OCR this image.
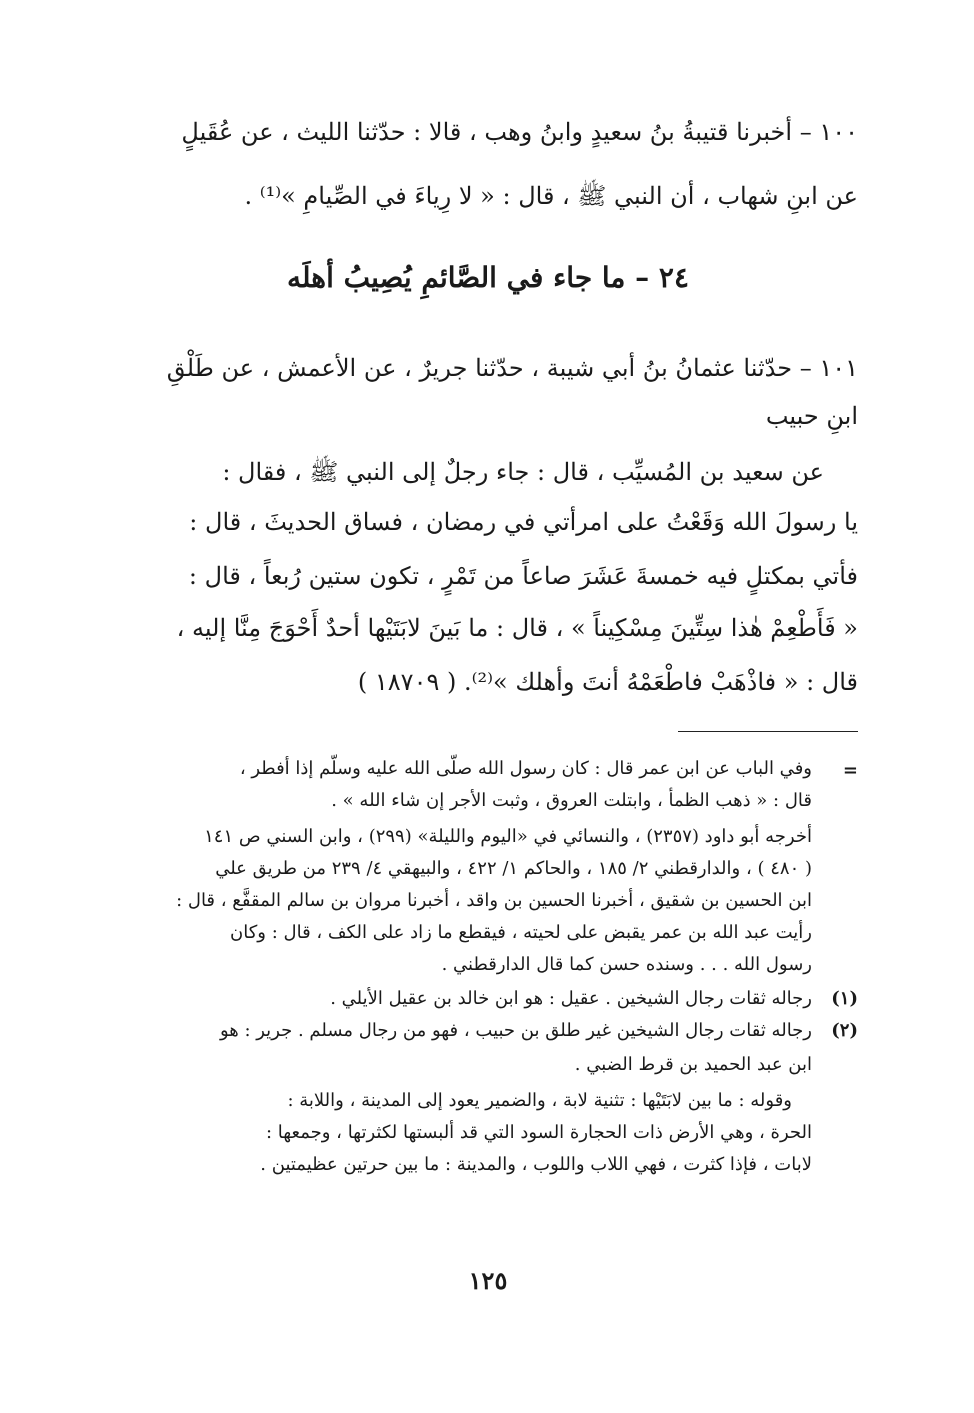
١٠٠ – أخبرنا قتيبةُ بنُ سعيدٍ وابنُ وهب ، قالا : حدّثنا الليث ، عن عُقَيلٍ
عن ابنِ شهاب ، أن النبي ﷺ ، قال : « لا رِياءَ في الصِّيامِ »⁽¹⁾ .
٢٤ – ما جاء في الصَّائمِ يُصِيبُ أهلَه
١٠١ – حدّثنا عثمانُ بنُ أبي شيبة ، حدّثنا جريرٌ ، عن الأعمش ، عن طَلْقِ
ابنِ حبيب
عن سعيد بن المُسيِّب ، قال : جاء رجلٌ إلى النبي ﷺ ، فقال :
يا رسولَ الله وَقَعْتُ على امرأتي في رمضان ، فساق الحديثَ ، قال :
فأتي بمكتلٍ فيه خمسةَ عَشَرَ صاعاً من تَمْرٍ ، تكون ستين رُبعاً ، قال :
« فَأَطْعِمْ هٰذا سِتِّينَ مِسْكِيناً » ، قال : ما بَينَ لابَتَيْها أحدٌ أَحْوَجَ مِنَّا إليه ،
قال : « فاذْهَبْ فاطْعَمْهُ أنتَ وأهلك »⁽²⁾. ( ١٨٧٠٩ )
=
وفي الباب عن ابن عمر قال : كان رسول الله صلّى الله عليه وسلّم إذا أفطر ،
قال : « ذهب الظمأ ، وابتلت العروق ، وثبت الأجر إن شاء الله » .
أخرجه أبو داود (٢٣٥٧) ، والنسائي في «اليوم والليلة» (٢٩٩) ، وابن السني ص ١٤١
( ٤٨٠ ) ، والدارقطني ٢/ ١٨٥ ، والحاكم ١/ ٤٢٢ ، والبيهقي ٤/ ٢٣٩ من طريق علي
ابن الحسين بن شقيق ، أخبرنا الحسين بن واقد ، أخبرنا مروان بن سالم المقفَّع ، قال :
رأيت عبد الله بن عمر يقبض على لحيته ، فيقطع ما زاد على الكف ، قال : وكان
رسول الله . . . وسنده حسن كما قال الدارقطني .
(١)
رجاله ثقات رجال الشيخين . عقيل : هو ابن خالد بن عقيل الأيلي .
(٢)
رجاله ثقات رجال الشيخين غير طلق بن حبيب ، فهو من رجال مسلم . جرير : هو
ابن عبد الحميد بن قرط الضبي .
وقوله : ما بين لابَتَيْها : تثنية لابة ، والضمير يعود إلى المدينة ، واللابة :
الحرة ، وهي الأرض ذات الحجارة السود التي قد ألبستها لكثرتها ، وجمعها :
لابات ، فإذا كثرت ، فهي اللاب واللوب ، والمدينة : ما بين حرتين عظيمتين .
١٢٥
